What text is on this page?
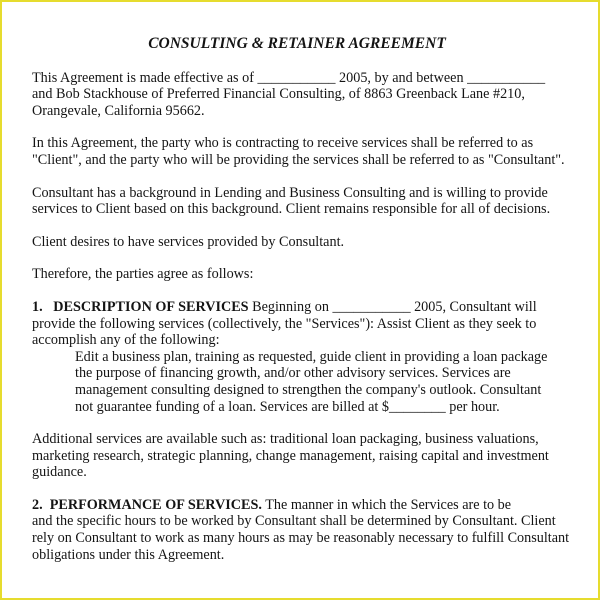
CONSULTING & RETAINER AGREEMENT

This Agreement is made effective as of ___________ 2005, by and between ___________
and Bob Stackhouse of Preferred Financial Consulting, of 8863 Greenback Lane #210,
Orangevale, California 95662.

In this Agreement, the party who is contracting to receive services shall be referred to as
"Client", and the party who will be providing the services shall be referred to as "Consultant".

Consultant has a background in Lending and Business Consulting and is willing to provide
services to Client based on this background. Client remains responsible for all of decisions.

Client desires to have services provided by Consultant.

Therefore, the parties agree as follows:

1. DESCRIPTION OF SERVICES Beginning on ___________ 2005, Consultant will
provide the following services (collectively, the "Services"): Assist Client as they seek to
accomplish any of the following:
Edit a business plan, training as requested, guide client in providing a loan package
the purpose of financing growth, and/or other advisory services. Services are
management consulting designed to strengthen the company's outlook. Consultant
not guarantee funding of a loan. Services are billed at $________ per hour.

Additional services are available such as: traditional loan packaging, business valuations,
marketing research, strategic planning, change management, raising capital and investment
guidance.

2. PERFORMANCE OF SERVICES. The manner in which the Services are to be
and the specific hours to be worked by Consultant shall be determined by Consultant. Client
rely on Consultant to work as many hours as may be reasonably necessary to fulfill Consultant
obligations under this Agreement.
